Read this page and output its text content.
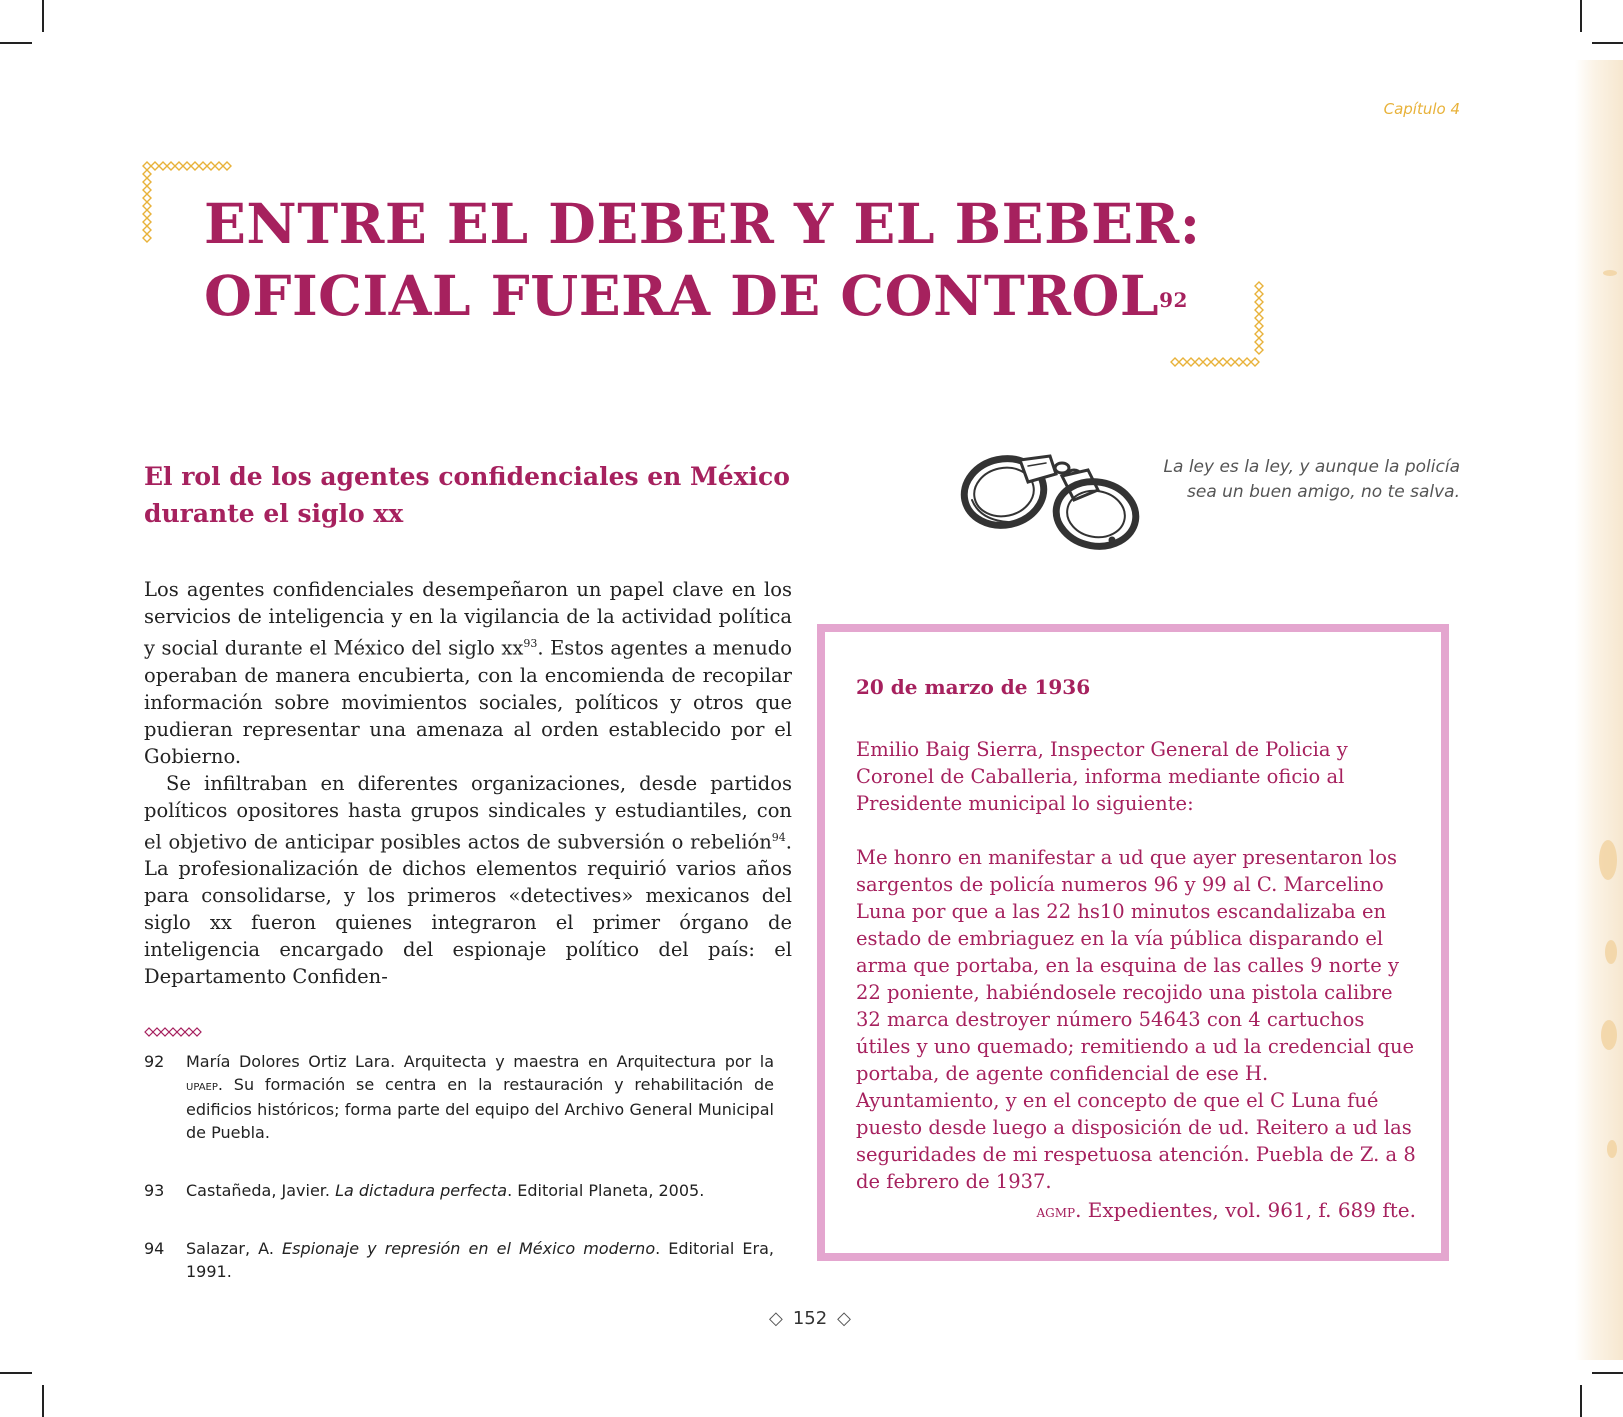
Capítulo 4
ENTRE EL DEBER Y EL BEBER:
OFICIAL FUERA DE CONTROL$^{92}$
El rol de los agentes confidenciales en México durante el siglo xx

Los agentes confidenciales desempeñaron un papel clave en los servicios de inteligencia y en la vigilancia de la actividad política y social durante el México del siglo $xx^{93}$. Estos agentes a menudo operaban de manera encubierta, con la encomienda de recopilar información sobre movimientos sociales, políticos y otros que pudieran representar una amenaza al orden establecido por el Gobierno.

Se infiltraban en diferentes organizaciones, desde partidos políticos opositores hasta grupos sindicales y estudiantiles, con el objetivo de anticipar posibles actos de subversión o rebelión$^{94}$. La profesionalización de dichos elementos requirió varios años para consolidarse, y los primeros «detectives» mexicanos del siglo xx fueron quienes integraron el primer órgano de inteligencia encargado del espionaje político del país: el Departamento Confiden-

92	María Dolores Ortiz Lara. Arquitecta y maestra en Arquitectura por la upaep. Su formación se centra en la restauración y rehabilitación de edificios históricos; forma parte del equipo del Archivo General Municipal de Puebla.
93	Castañeda, Javier. La dictadura perfecta. Editorial Planeta, 2005.
94	Salazar, A. Espionaje y represión en el México moderno. Editorial Era, 1991.
La ley es la ley, y aunque la policía
sea un buen amigo, no te salva.
20 de marzo de 1936

Emilio Baig Sierra, Inspector General de Policia y Coronel de Caballeria, informa mediante oficio al Presidente municipal lo siguiente:

Me honro en manifestar a ud que ayer presentaron los sargentos de policía numeros 96 y 99 al C. Marcelino Luna por que a las 22 hs10 minutos escandalizaba en estado de embriaguez en la vía pública disparando el arma que portaba, en la esquina de las calles 9 norte y 22 poniente, habiéndosele recojido una pistola calibre 32 marca destroyer número 54643 con 4 cartuchos útiles y uno quemado; remitiendo a ud la credencial que portaba, de agente confidencial de ese H. Ayuntamiento, y en el concepto de que el C Luna fué puesto desde luego a disposición de ud. Reitero a ud las seguridades de mi respetuosa atención. Puebla de Z. a 8 de febrero de 1937.

agmp. Expedientes, vol. 961, f. 689 fte.
◇ 152 ◇
